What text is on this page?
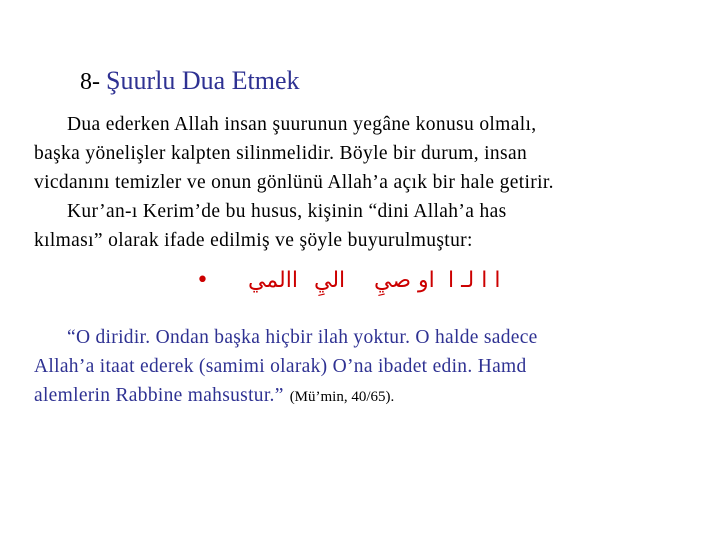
8- Şuurlu Dua Etmek
Dua ederken Allah insan şuurunun yegâne konusu olmalı,
başka yönelişler kalpten silinmelidir. Böyle bir durum, insan
vicdanını temizler ve onun gönlünü Allah’a açık bir hale getirir.
Kur’an-ı Kerim’de bu husus, kişinin “dini Allah’a has
kılması” olarak ifade edilmiş ve şöyle buyurulmuştur:
• االمي اليِ او صيِ ا ا لـ ا
“O diridir. Ondan başka hiçbir ilah yoktur. O halde sadece
Allah’a itaat ederek (samimi olarak) O’na ibadet edin. Hamd
alemlerin Rabbine mahsustur.” (Mü’min, 40/65).
